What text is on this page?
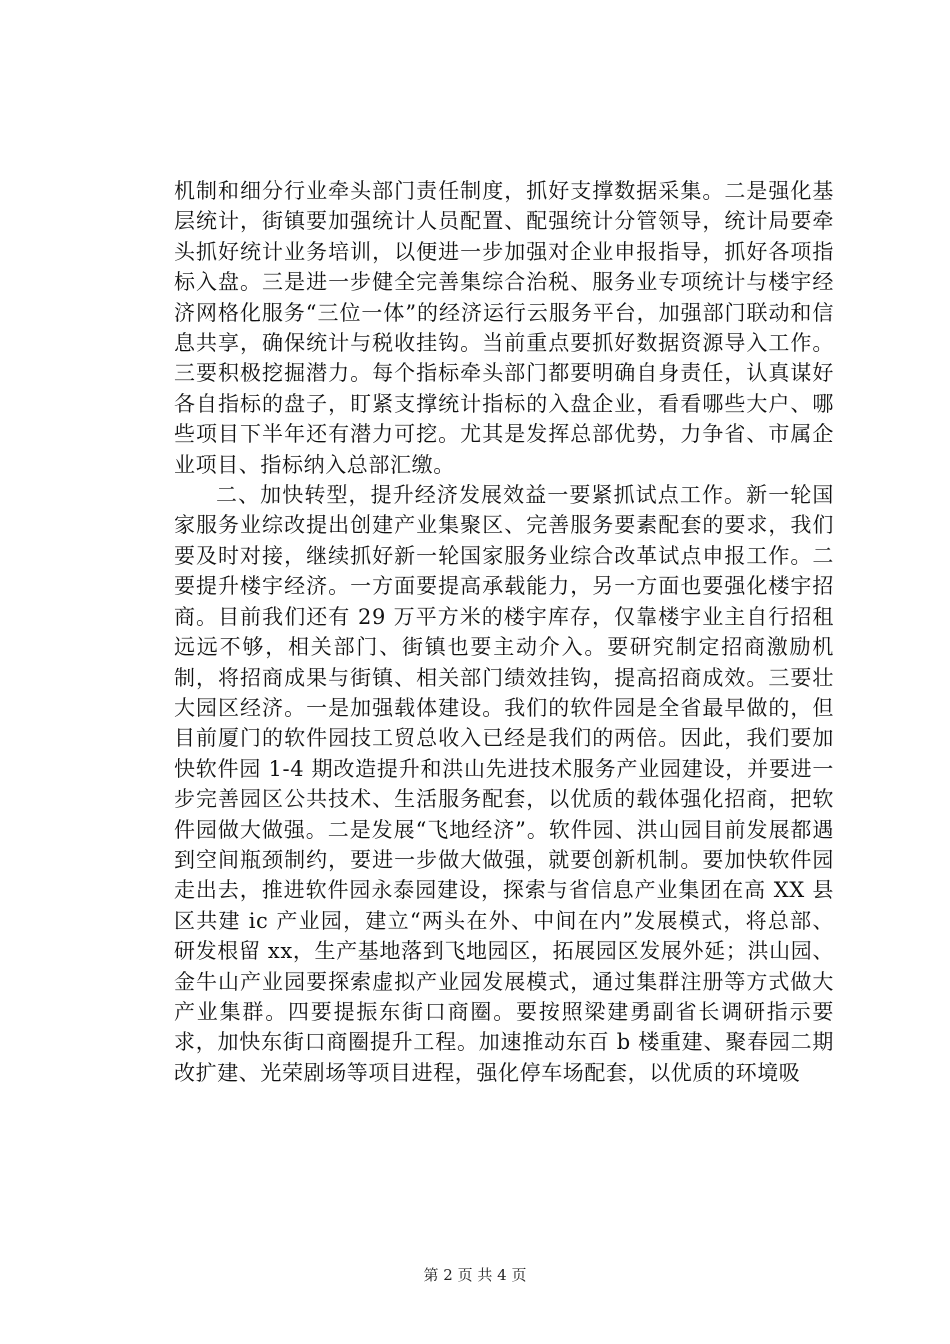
机制和细分行业牵头部门责任制度，抓好支撑数据采集。二是强化基层统计，街镇要加强统计人员配置、配强统计分管领导，统计局要牵头抓好统计业务培训，以便进一步加强对企业申报指导，抓好各项指标入盘。三是进一步健全完善集综合治税、服务业专项统计与楼宇经济网格化服务“三位一体”的经济运行云服务平台，加强部门联动和信息共享，确保统计与税收挂钩。当前重点要抓好数据资源导入工作。三要积极挖掘潜力。每个指标牵头部门都要明确自身责任，认真谋好各自指标的盘子，盯紧支撑统计指标的入盘企业，看看哪些大户、哪些项目下半年还有潜力可挖。尤其是发挥总部优势，力争省、市属企业项目、指标纳入总部汇缴。

二、加快转型，提升经济发展效益一要紧抓试点工作。新一轮国家服务业综改提出创建产业集聚区、完善服务要素配套的要求，我们要及时对接，继续抓好新一轮国家服务业综合改革试点申报工作。二要提升楼宇经济。一方面要提高承载能力，另一方面也要强化楼宇招商。目前我们还有 29 万平方米的楼宇库存，仅靠楼宇业主自行招租远远不够，相关部门、街镇也要主动介入。要研究制定招商激励机制，将招商成果与街镇、相关部门绩效挂钩，提高招商成效。三要壮大园区经济。一是加强载体建设。我们的软件园是全省最早做的，但目前厦门的软件园技工贸总收入已经是我们的两倍。因此，我们要加快软件园 1-4 期改造提升和洪山先进技术服务产业园建设，并要进一步完善园区公共技术、生活服务配套，以优质的载体强化招商，把软件园做大做强。二是发展“飞地经济”。软件园、洪山园目前发展都遇到空间瓶颈制约，要进一步做大做强，就要创新机制。要加快软件园走出去，推进软件园永泰园建设，探索与省信息产业集团在高 XX 县区共建 ic 产业园，建立“两头在外、中间在内”发展模式，将总部、研发根留 xx，生产基地落到飞地园区，拓展园区发展外延；洪山园、金牛山产业园要探索虚拟产业园发展模式，通过集群注册等方式做大产业集群。四要提振东街口商圈。要按照梁建勇副省长调研指示要求，加快东街口商圈提升工程。加速推动东百 b 楼重建、聚春园二期改扩建、光荣剧场等项目进程，强化停车场配套，以优质的环境吸

第 2 页 共 4 页
